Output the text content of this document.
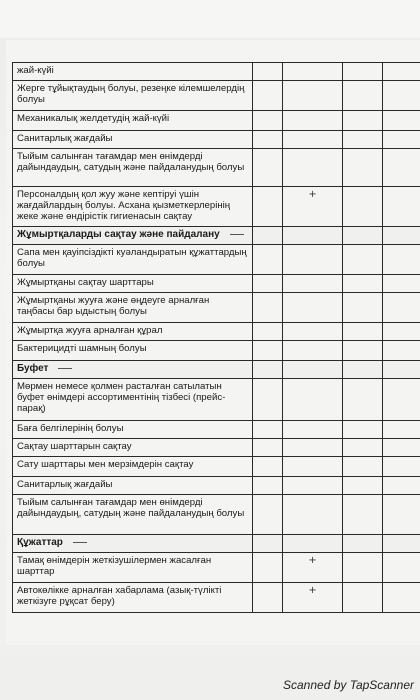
жай-күйі				
Жерге тұйықтаудың болуы, резеңке кілемшелердің болуы				
Механикалық желдетудің жай-күйі				
Санитарлық жағдайы				
Тыйым салынған тағамдар мен өнімдерді дайындаудың, сатудың және пайдаланудың болуы				
Персоналдың қол жуу және кептіруі үшін жағдайлардың болуы. Асхана қызметкерлерінің жеке және өндірістік гигиенасын сақтау		+		
Жұмыртқаларды сақтау және пайдалану				
Сапа мен қауіпсіздікті куәландыратын құжаттардың болуы				
Жұмыртқаны сақтау шарттары				
Жұмыртқаны жууға және өңдеуге арналған таңбасы бар ыдыстың болуы				
Жұмыртқа жууға арналған құрал				
Бактерицидті шамның болуы				
Буфет				
Мөрмен немесе қолмен расталған сатылатын буфет өнімдері ассортиментінің тізбесі (прейс-парақ)				
Баға белгілерінің болуы				
Сақтау шарттарын сақтау				
Сату шарттары мен мерзімдерін сақтау				
Санитарлық жағдайы				
Тыйым салынған тағамдар мен өнімдерді дайындаудың, сатудың және пайдаланудың болуы				
Құжаттар				
Тамақ өнімдерін жеткізушілермен жасалған шарттар		+		
Автокөлікке арналған хабарлама (азық-түлікті жеткізуге рұқсат беру)		+		
Scanned by TapScanner
